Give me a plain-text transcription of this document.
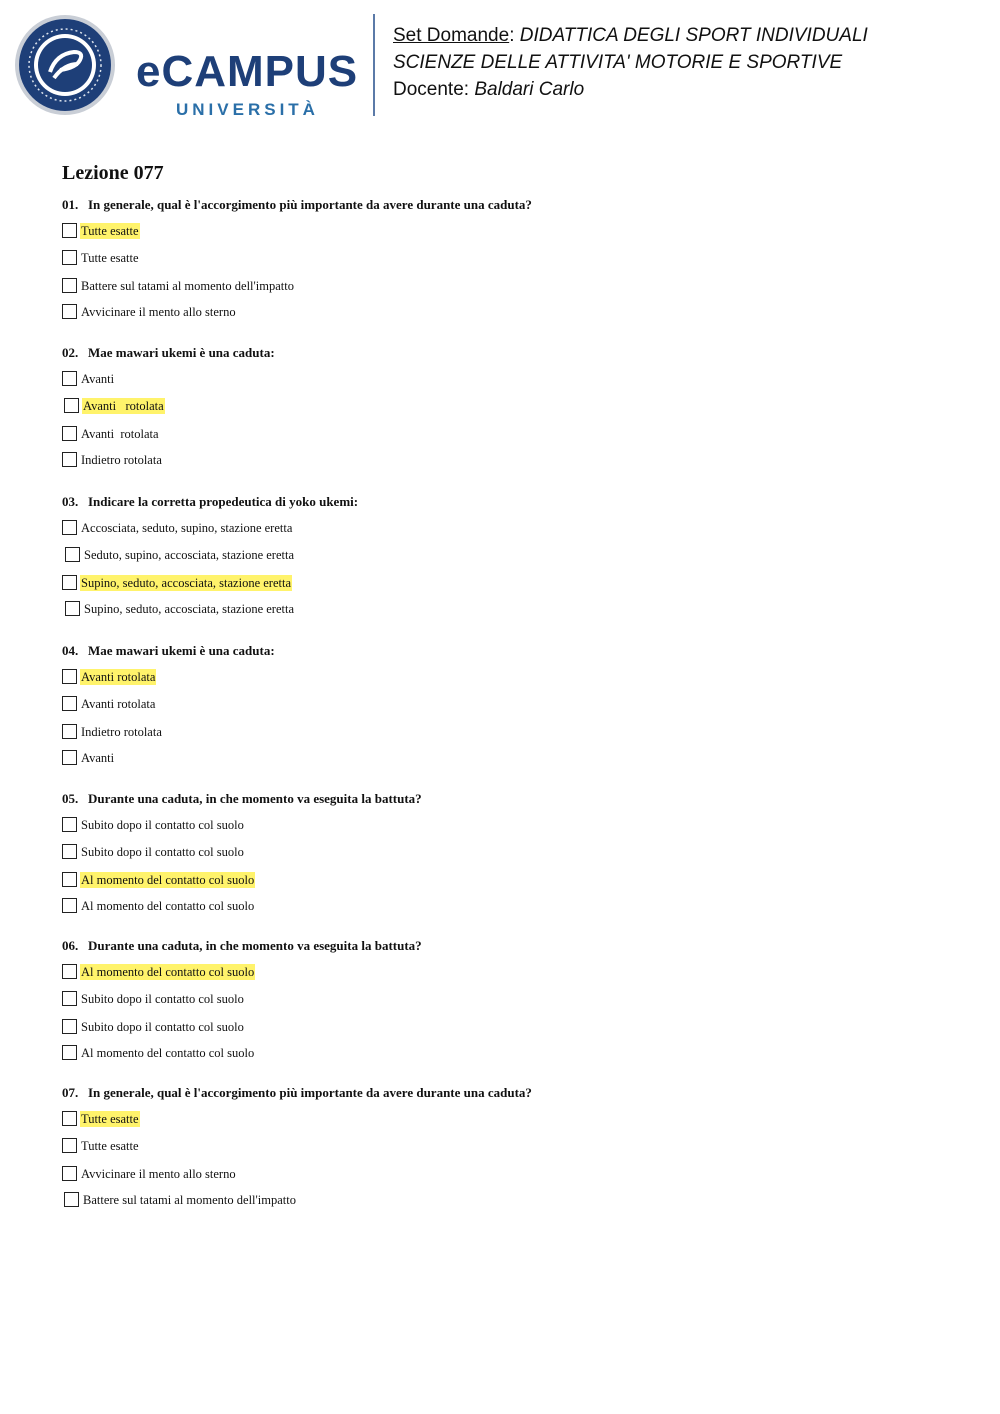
eCAMPUS
UNIVERSITÀ
Set Domande: DIDATTICA DEGLI SPORT INDIVIDUALI
SCIENZE DELLE ATTIVITA' MOTORIE E SPORTIVE
Docente: Baldari Carlo
Lezione 077
01. In generale, qual è l'accorgimento più importante da avere durante una caduta?
Tutte esatte
Tutte esatte
Battere sul tatami al momento dell'impatto
Avvicinare il mento allo sterno
02. Mae mawari ukemi è una caduta:
Avanti
Avanti   rotolata
Avanti  rotolata
Indietro rotolata
03. Indicare la corretta propedeutica di yoko ukemi:
Accosciata, seduto, supino, stazione eretta
Seduto, supino, accosciata, stazione eretta
Supino, seduto, accosciata, stazione eretta
Supino, seduto, accosciata, stazione eretta
04. Mae mawari ukemi è una caduta:
Avanti rotolata
Avanti rotolata
Indietro rotolata
Avanti
05. Durante una caduta, in che momento va eseguita la battuta?
Subito dopo il contatto col suolo
Subito dopo il contatto col suolo
Al momento del contatto col suolo
Al momento del contatto col suolo
06. Durante una caduta, in che momento va eseguita la battuta?
Al momento del contatto col suolo
Subito dopo il contatto col suolo
Subito dopo il contatto col suolo
Al momento del contatto col suolo
07. In generale, qual è l'accorgimento più importante da avere durante una caduta?
Tutte esatte
Tutte esatte
Avvicinare il mento allo sterno
Battere sul tatami al momento dell'impatto
